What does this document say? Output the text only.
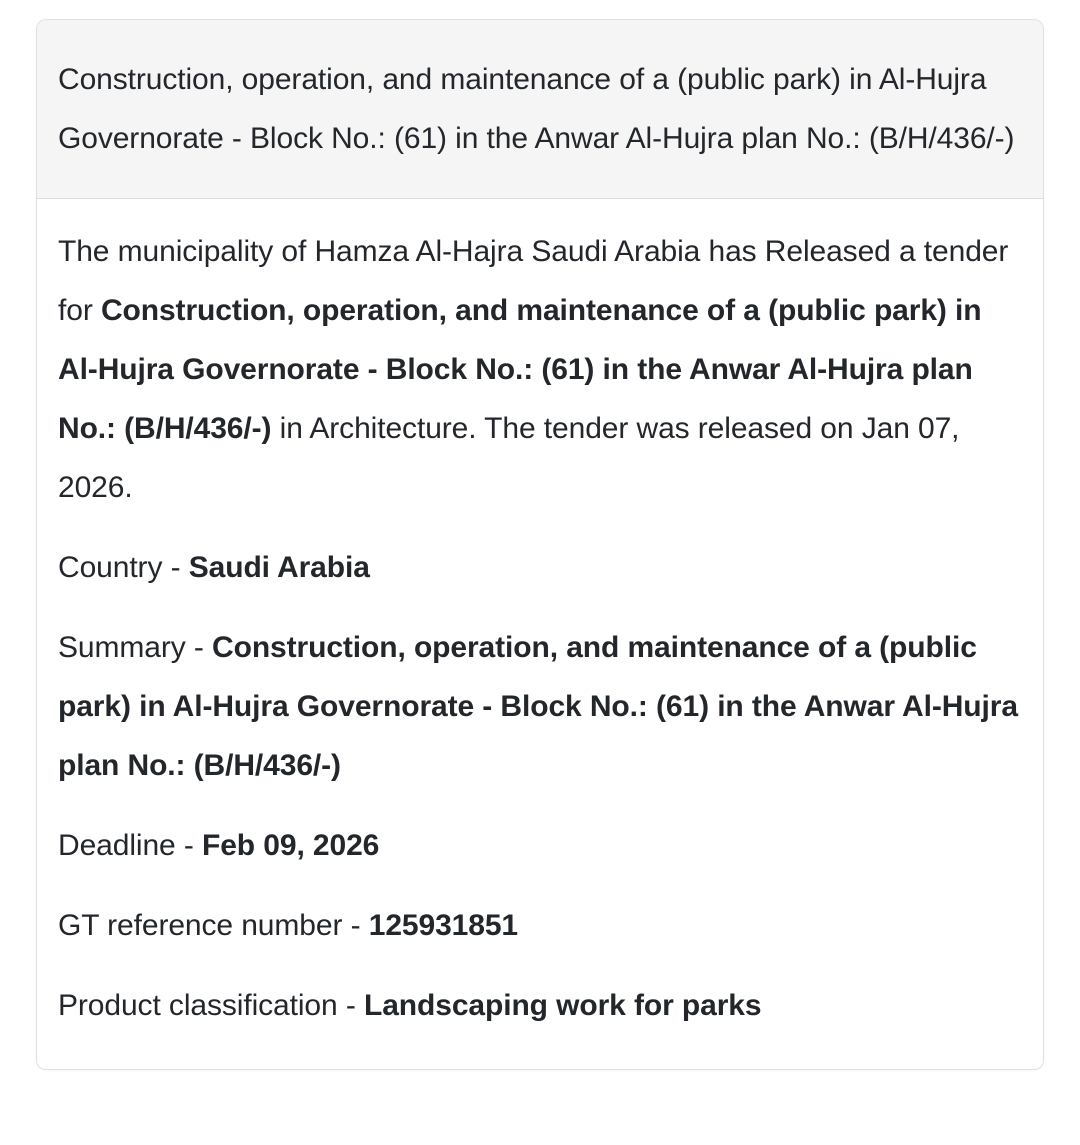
Construction, operation, and maintenance of a (public park) in Al-Hujra Governorate - Block No.: (61) in the Anwar Al-Hujra plan No.: (B/H/436/-)

The municipality of Hamza Al-Hajra Saudi Arabia has Released a tender for Construction, operation, and maintenance of a (public park) in Al-Hujra Governorate - Block No.: (61) in the Anwar Al-Hujra plan No.: (B/H/436/-) in Architecture. The tender was released on Jan 07, 2026.

Country - Saudi Arabia
Summary - Construction, operation, and maintenance of a (public park) in Al-Hujra Governorate - Block No.: (61) in the Anwar Al-Hujra plan No.: (B/H/436/-)
Deadline - Feb 09, 2026
GT reference number - 125931851
Product classification - Landscaping work for parks
